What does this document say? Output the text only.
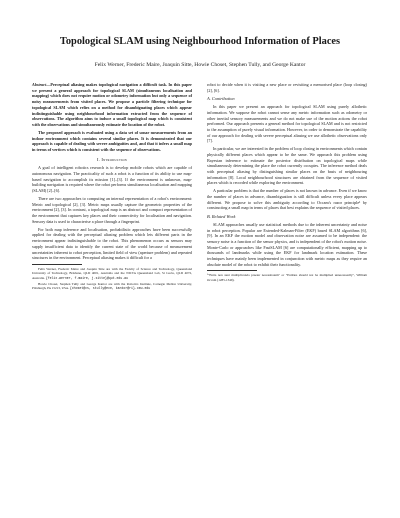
Topological SLAM using Neighbourhood Information of Places
Felix Werner, Frederic Maire, Joaquin Sitte, Howie Choset, Stephen Tully, and George Kantor

Abstract—Perceptual aliasing makes topological navigation a difficult task. In this paper we present a general approach for topological SLAM (simultaneous localisation and mapping) which does not require motion or odometry information but only a sequence of noisy measurements from visited places. We propose a particle filtering technique for topological SLAM which relies on a method for disambiguating places which appear indistinguishable using neighbourhood information extracted from the sequence of observations. The algorithm aims to induce a small topological map which is consistent with the observations and simultaneously estimate the location of the robot.

The proposed approach is evaluated using a data set of sonar measurements from an indoor environment which contains several similar places. It is demonstrated that our approach is capable of dealing with severe ambiguities and, and that it infers a small map in terms of vertices which is consistent with the sequence of observations.

I. Introduction

A goal of intelligent robotics research is to develop mobile robots which are capable of autonomous navigation. The practicality of such a robot is a function of its ability to use map-based navigation to accomplish its mission [1]–[3]. If the environment is unknown, map-building navigation is required where the robot performs simultaneous localisation and mapping (SLAM) [2]–[6].

There are two approaches to computing an internal representation of a robot's environment: Metric and topological [2], [3]. Metric maps usually capture the geometric properties of the environment [2], [3]. In contrast, a topological map is an abstract and compact representation of the environment that captures key places and their connectivity for localisation and navigation. Sensory data is used to characterise a place through a fingerprint.

For both map inference and localisation, probabilistic approaches have been successfully applied for dealing with the perceptual aliasing problem which lets different parts in the environment appear indistinguishable to the robot. This phenomenon occurs as sensors may supply insufficient data to identify the current state of the world because of measurement uncertainties inherent to robot perception, limited field of view (aperture problem) and repeated structures in the environment. Perceptual aliasing makes it difficult for a

Felix Werner, Frederic Maire and Joaquin Sitte are with the Faculty of Science and Technology, Queensland University of Technology, Brisbane, QLD 4001, Australia and the NICTA Queensland Lab, St Lucia, QLD 4072, Australia. {felix.werner, f.maire, j.sitte}@qut.edu.au

Howie Choset, Stephen Tully and George Kantor are with the Robotics Institute, Carnegie Mellon University, Pittsburgh, PA 15213, USA. {choset@cs, stully@ece, kantor@ri}.cmu.edu

robot to decide when it is visiting a new place or revisiting a memorised place (loop closing) [2], [6].

A. Contribution

In this paper we present an approach for topological SLAM using purely allothetic information. We suppose the robot cannot sense any metric information such as odometry or other inertial sensory measurements and we do not make use of the motion actions the robot performed. Our approach presents a general method for topological SLAM and is not restricted to the assumption of purely visual information. However, in order to demonstrate the capability of our approach for dealing with severe perceptual aliasing we use allothetic observations only [7].

In particular, we are interested in the problem of loop closing in environments which contain physically different places which appear to be the same. We approach this problem using Bayesian inference to estimate the posterior distribution on topological maps while simultaneously determining the place the robot currently occupies. The inference method deals with perceptual aliasing by distinguishing similar places on the basis of neighbouring information [8]. Local neighbourhood structures are obtained from the sequence of visited places which is recorded while exploring the environment.

A particular problem is that the number of places is not known in advance. Even if we know the number of places in advance, disambiguation is still difficult unless every place appears different. We propose to solve this ambiguity according to Occam's razor principle¹ by constructing a small map in terms of places that best explains the sequence of visited places.

B. Related Work

SLAM approaches usually use statistical methods due to the inherent uncertainty and noise in robot perception. Popular are Extended-Kalman-Filter (EKF) based SLAM algorithms [6], [9]. In an EKF the motion model and observation noise are assumed to be independent: the sensory noise is a function of the sensor physics, and is independent of the robot's motion noise. Monte-Carlo or approaches like FastSLAM [6] are computationally efficient, mapping up to thousands of landmarks while using the EKF for landmark location estimation. These techniques have mainly been implemented in conjunction with metric maps as they require an absolute model of the robot to exhibit their functionality.

¹"Entia non sunt multiplicanda praeter necessitatem" or "Entities should not be multiplied unnecessarily", William Occam (1285-1349).
